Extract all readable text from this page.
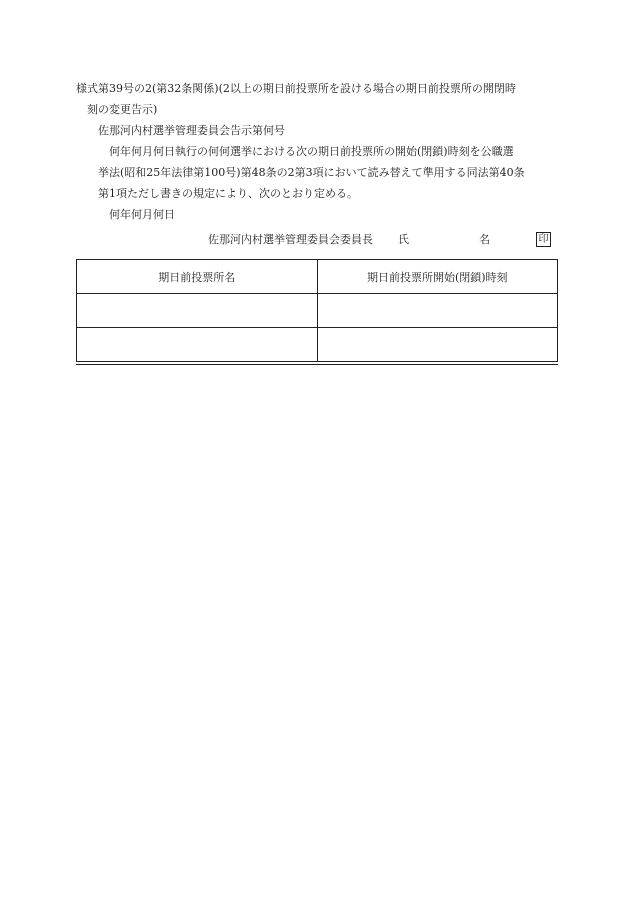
様式第39号の2(第32条関係)(2以上の期日前投票所を設ける場合の期日前投票所の開閉時

刻の変更告示)

佐那河内村選挙管理委員会告示第何号

何年何月何日執行の何何選挙における次の期日前投票所の開始(閉鎖)時刻を公職選

挙法(昭和25年法律第100号)第48条の2第3項において読み替えて準用する同法第40条

第1項ただし書きの規定により、次のとおり定める。

何年何月何日

佐那河内村選挙管理委員会委員長 氏	名	印
期日前投票所名	期日前投票所開始(閉鎖)時刻
